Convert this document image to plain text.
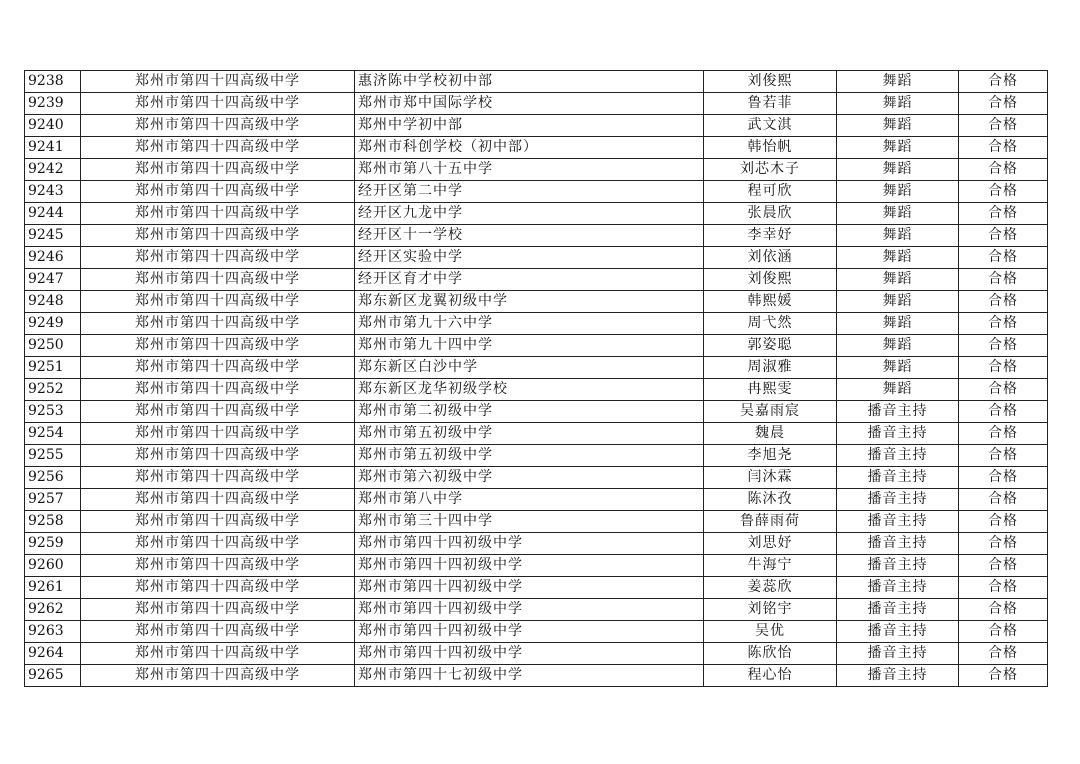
9238	郑州市第四十四高级中学	惠济陈中学校初中部	刘俊熙	舞蹈	合格
9239	郑州市第四十四高级中学	郑州市郑中国际学校	鲁若菲	舞蹈	合格
9240	郑州市第四十四高级中学	郑州中学初中部	武文淇	舞蹈	合格
9241	郑州市第四十四高级中学	郑州市科创学校（初中部）	韩怡帆	舞蹈	合格
9242	郑州市第四十四高级中学	郑州市第八十五中学	刘芯木子	舞蹈	合格
9243	郑州市第四十四高级中学	经开区第二中学	程可欣	舞蹈	合格
9244	郑州市第四十四高级中学	经开区九龙中学	张晨欣	舞蹈	合格
9245	郑州市第四十四高级中学	经开区十一学校	李幸妤	舞蹈	合格
9246	郑州市第四十四高级中学	经开区实验中学	刘依涵	舞蹈	合格
9247	郑州市第四十四高级中学	经开区育才中学	刘俊熙	舞蹈	合格
9248	郑州市第四十四高级中学	郑东新区龙翼初级中学	韩熙媛	舞蹈	合格
9249	郑州市第四十四高级中学	郑州市第九十六中学	周弋然	舞蹈	合格
9250	郑州市第四十四高级中学	郑州市第九十四中学	郭姿聪	舞蹈	合格
9251	郑州市第四十四高级中学	郑东新区白沙中学	周淑雅	舞蹈	合格
9252	郑州市第四十四高级中学	郑东新区龙华初级学校	冉熙雯	舞蹈	合格
9253	郑州市第四十四高级中学	郑州市第二初级中学	吴嘉雨宸	播音主持	合格
9254	郑州市第四十四高级中学	郑州市第五初级中学	魏晨	播音主持	合格
9255	郑州市第四十四高级中学	郑州市第五初级中学	李旭尧	播音主持	合格
9256	郑州市第四十四高级中学	郑州市第六初级中学	闫沐霖	播音主持	合格
9257	郑州市第四十四高级中学	郑州市第八中学	陈沐孜	播音主持	合格
9258	郑州市第四十四高级中学	郑州市第三十四中学	鲁薛雨荷	播音主持	合格
9259	郑州市第四十四高级中学	郑州市第四十四初级中学	刘思妤	播音主持	合格
9260	郑州市第四十四高级中学	郑州市第四十四初级中学	牛海宁	播音主持	合格
9261	郑州市第四十四高级中学	郑州市第四十四初级中学	姜蕊欣	播音主持	合格
9262	郑州市第四十四高级中学	郑州市第四十四初级中学	刘铭宇	播音主持	合格
9263	郑州市第四十四高级中学	郑州市第四十四初级中学	吴优	播音主持	合格
9264	郑州市第四十四高级中学	郑州市第四十四初级中学	陈欣怡	播音主持	合格
9265	郑州市第四十四高级中学	郑州市第四十七初级中学	程心怡	播音主持	合格
